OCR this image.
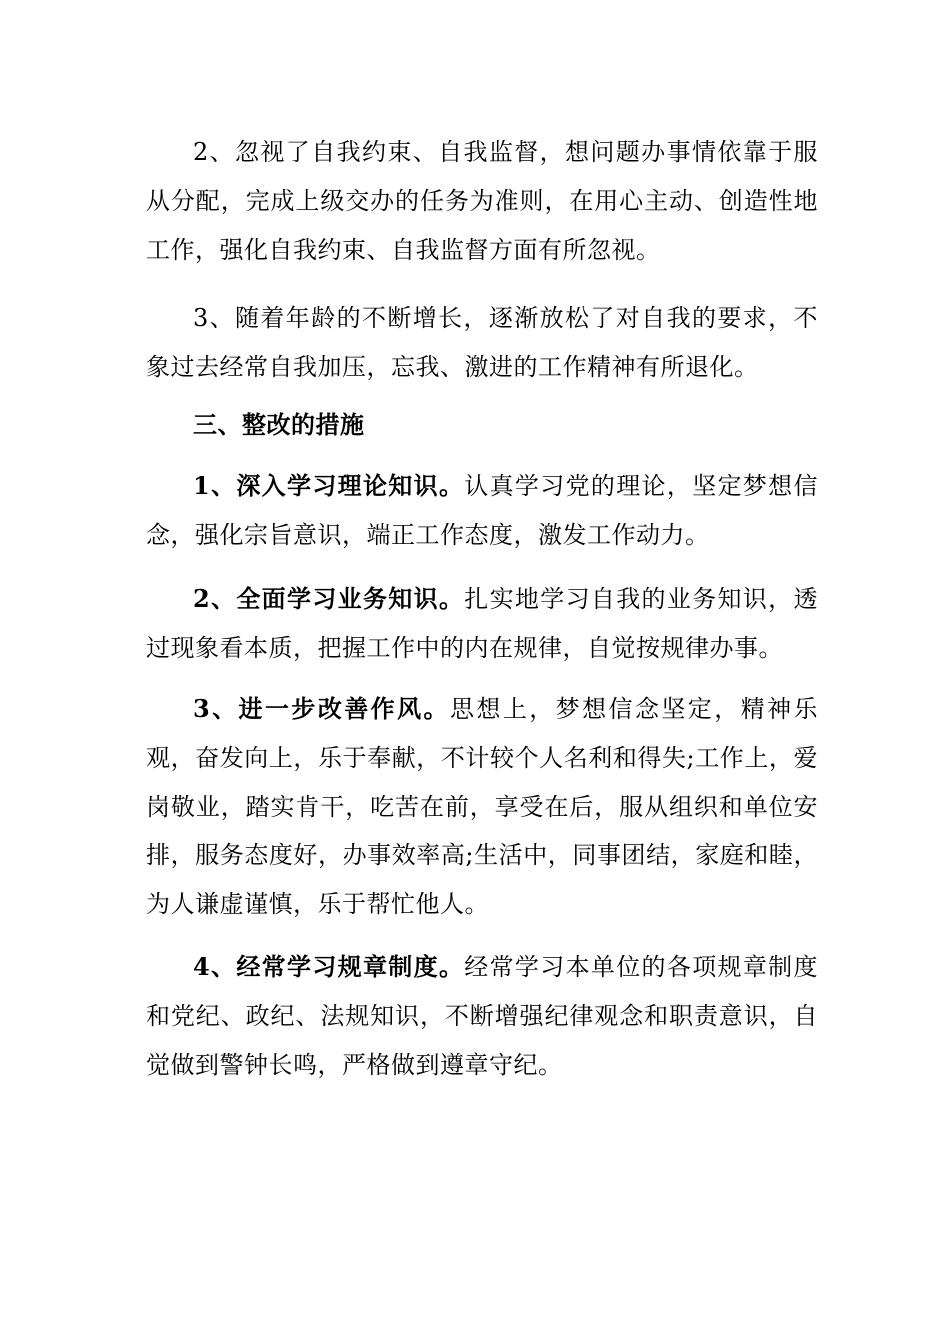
2、忽视了自我约束、自我监督，想问题办事情依靠于服从分配，完成上级交办的任务为准则，在用心主动、创造性地工作，强化自我约束、自我监督方面有所忽视。

3、随着年龄的不断增长，逐渐放松了对自我的要求，不象过去经常自我加压，忘我、激进的工作精神有所退化。

三、整改的措施

1、深入学习理论知识。认真学习党的理论，坚定梦想信念，强化宗旨意识，端正工作态度，激发工作动力。

2、全面学习业务知识。扎实地学习自我的业务知识，透过现象看本质，把握工作中的内在规律，自觉按规律办事。

3、进一步改善作风。思想上，梦想信念坚定，精神乐观，奋发向上，乐于奉献，不计较个人名利和得失;工作上，爱岗敬业，踏实肯干，吃苦在前，享受在后，服从组织和单位安排，服务态度好，办事效率高;生活中，同事团结，家庭和睦，为人谦虚谨慎，乐于帮忙他人。

4、经常学习规章制度。经常学习本单位的各项规章制度和党纪、政纪、法规知识，不断增强纪律观念和职责意识，自觉做到警钟长鸣，严格做到遵章守纪。
